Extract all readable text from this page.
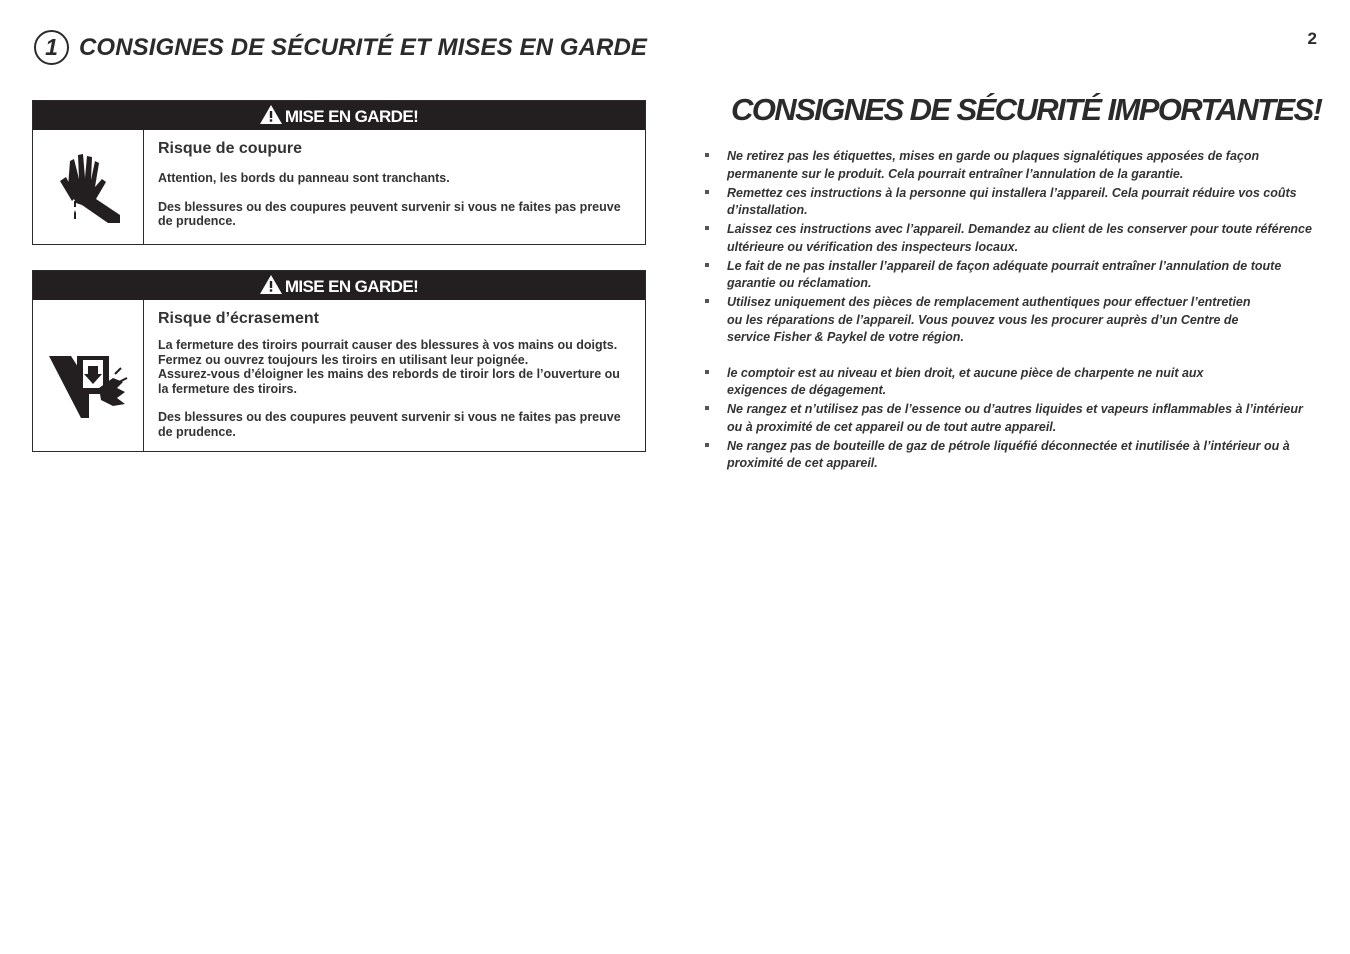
2
1 CONSIGNES DE SÉCURITÉ ET MISES EN GARDE
MISE EN GARDE!
Risque de coupure
Attention, les bords du panneau sont tranchants.
Des blessures ou des coupures peuvent survenir si vous ne faites pas preuve de prudence.
MISE EN GARDE!
Risque d’écrasement
La fermeture des tiroirs pourrait causer des blessures à vos mains ou doigts.
Fermez ou ouvrez toujours les tiroirs en utilisant leur poignée.
Assurez-vous d’éloigner les mains des rebords de tiroir lors de l’ouverture ou la fermeture des tiroirs.
Des blessures ou des coupures peuvent survenir si vous ne faites pas preuve de prudence.
CONSIGNES DE SÉCURITÉ IMPORTANTES!
Ne retirez pas les étiquettes, mises en garde ou plaques signalétiques apposées de façon permanente sur le produit. Cela pourrait entraîner l’annulation de la garantie.
Remettez ces instructions à la personne qui installera l’appareil. Cela pourrait réduire vos coûts d’installation.
Laissez ces instructions avec l’appareil. Demandez au client de les conserver pour toute référence ultérieure ou vérification des inspecteurs locaux.
Le fait de ne pas installer l’appareil de façon adéquate pourrait entraîner l’annulation de toute garantie ou réclamation.
Utilisez uniquement des pièces de remplacement authentiques pour effectuer l’entretien ou les réparations de l’appareil. Vous pouvez vous les procurer auprès d’un Centre de service Fisher & Paykel de votre région.
le comptoir est au niveau et bien droit, et aucune pièce de charpente ne nuit aux exigences de dégagement.
Ne rangez et n’utilisez pas de l’essence ou d’autres liquides et vapeurs inflammables à l’intérieur ou à proximité de cet appareil ou de tout autre appareil.
Ne rangez pas de bouteille de gaz de pétrole liquéfié déconnectée et inutilisée à l’intérieur ou à proximité de cet appareil.
